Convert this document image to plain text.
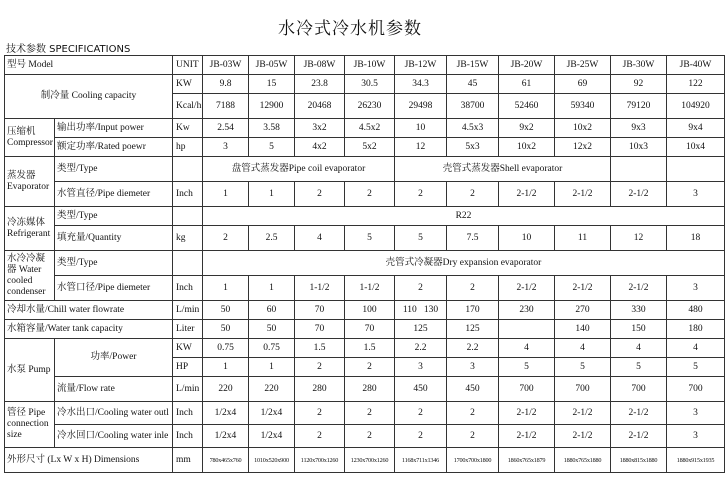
水冷式冷水机参数
技术参数 SPECIFICATIONS
型号 Model		UNIT	JB-03W	JB-05W	JB-08W	JB-10W	JB-12W	JB-15W	JB-20W	JB-25W	JB-30W	JB-40W
制冷量 Cooling capacity		KW	9.8	15	23.8	30.5	34.3	45	61	69	92	122
		Kcal/h	7188	12900	20468	26230	29498	38700	52460	59340	79120	104920
压缩机 Compressor	输出功率/Input power	Kw	2.54	3.58	3x2	4.5x2	10	4.5x3	9x2	10x2	9x3	9x4
	额定功率/Rated poewr	hp	3	5	4x2	5x2	12	5x3	10x2	12x2	10x3	10x4
蒸发器 Evaporator	类型/Type		盘管式蒸发器Pipe coil evaporator				壳管式蒸发器Shell evaporator					
	水管直径/Pipe diemeter	Inch	1	1	2	2	2	2	2-1/2	2-1/2	2-1/2	3
冷冻媒体 Refrigerant	类型/Type		R22									
	填充量/Quantity	kg	2	2.5	4	5	5	7.5	10	11	12	18
水冷冷凝器 Water cooled condenser	类型/Type		壳管式冷凝器Dry expansion evaporator									
	水管口径/Pipe diemeter	Inch	1	1	1-1/2	1-1/2	2	2	2-1/2	2-1/2	2-1/2	3
冷却水量/Chill water flowrate		L/min	50	60	70	100	110 130	170	230	270	330	480
水箱容量/Water tank capacity		Liter	50	50	70	70	125	125		140	150	180
水泵 Pump	功率/Power	KW	0.75	0.75	1.5	1.5	2.2	2.2	4	4	4	4
		HP	1	1	2	2	3	3	5	5	5	5
	流量/Flow rate	L/min	220	220	280	280	450	450	700	700	700	700
管径 Pipe connection size	冷水出口/Cooling water outl	Inch	1/2x4	1/2x4	2	2	2	2	2-1/2	2-1/2	2-1/2	3
	冷水回口/Cooling water inle	Inch	1/2x4	1/2x4	2	2	2	2	2-1/2	2-1/2	2-1/2	3
外形尺寸 (Lx W x H) Dimensions		mm	780x465x760	1010x520x900	1120x700x1260	1230x700x1260	1168x711x1346	1700x700x1800	1860x765x1879	1880x765x1880	1880x815x1880	1880x915x1935
